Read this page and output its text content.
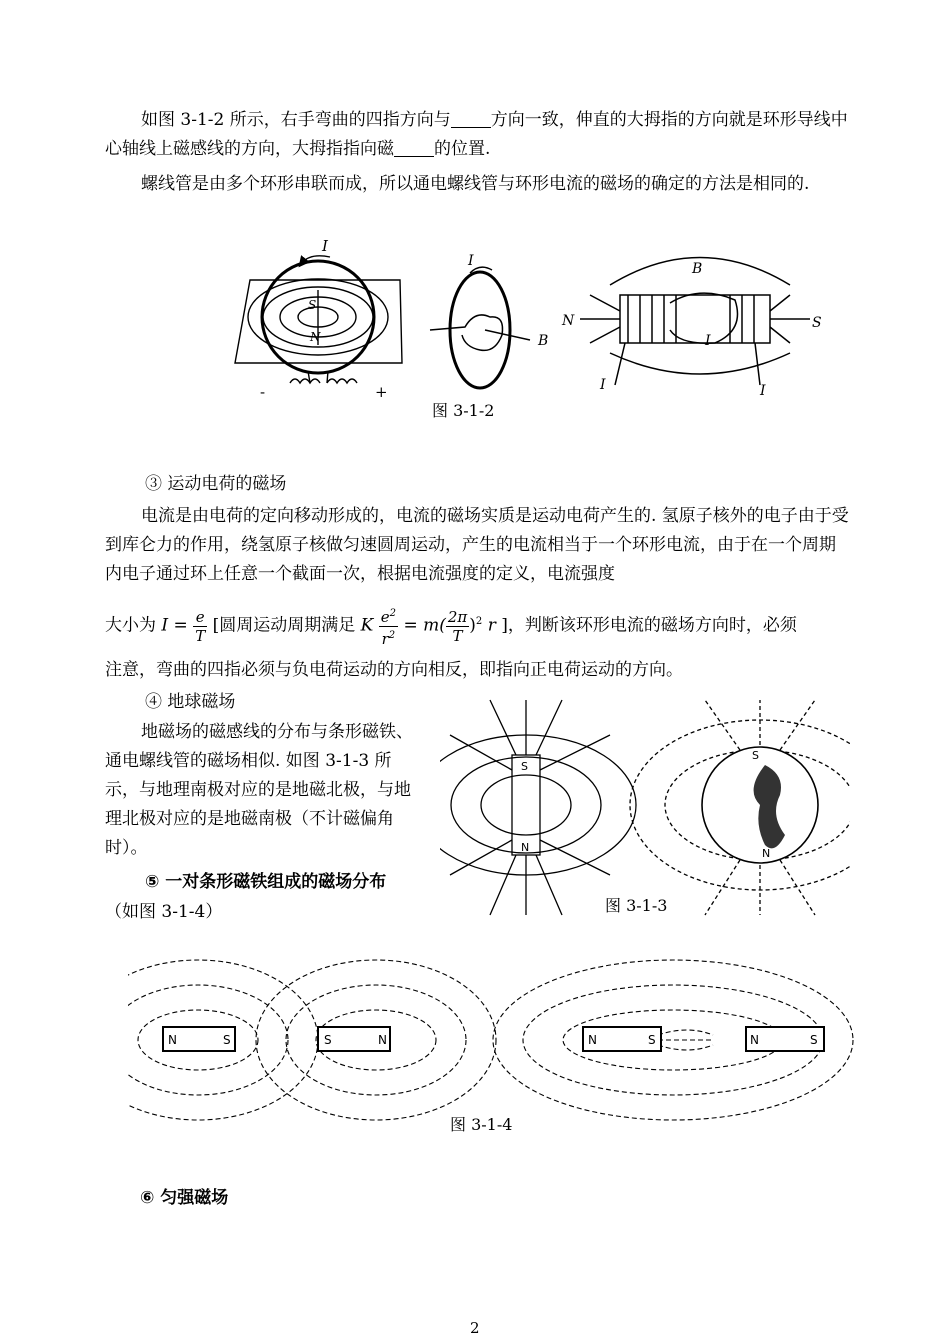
如图 3-1-2 所示，右手弯曲的四指方向与 方向一致，伸直的大拇指的方向就是环形导线中心轴线上磁感线的方向，大拇指指向磁 的位置.

螺线管是由多个环形串联而成，所以通电螺线管与环形电流的磁场的确定的方法是相同的.

I
S
N
-	+
I
B
N	S
B
I
I	I
图 3-1-2
③ 运动电荷的磁场

电流是由电荷的定向移动形成的，电流的磁场实质是运动电荷产生的. 氢原子核外的电子由于受到库仑力的作用，绕氢原子核做匀速圆周运动，产生的电流相当于一个环形电流，由于在一个周期内电子通过环上任意一个截面一次，根据电流强度的定义，电流强度

大小为 $I = \frac{e}{T}$ [圆周运动周期满足 K $\frac{e^2}{r^2} = m( \frac{2\pi}{T} )^2$ r ]，判断该环形电流的磁场方向时，必须

注意，弯曲的四指必须与负电荷运动的方向相反，即指向正电荷运动的方向。

④ 地球磁场

地磁场的磁感线的分布与条形磁铁、通电螺线管的磁场相似. 如图 3-1-3 所示，与地理南极对应的是地磁北极，与地理北极对应的是地磁南极（不计磁偏角时）。

S
N
S
N
图 3-1-3
⑤ 一对条形磁铁组成的磁场分布
（如图 3-1-4）
N	S	S	N	N	S	N	S
图 3-1-4
⑥ 匀强磁场
2
